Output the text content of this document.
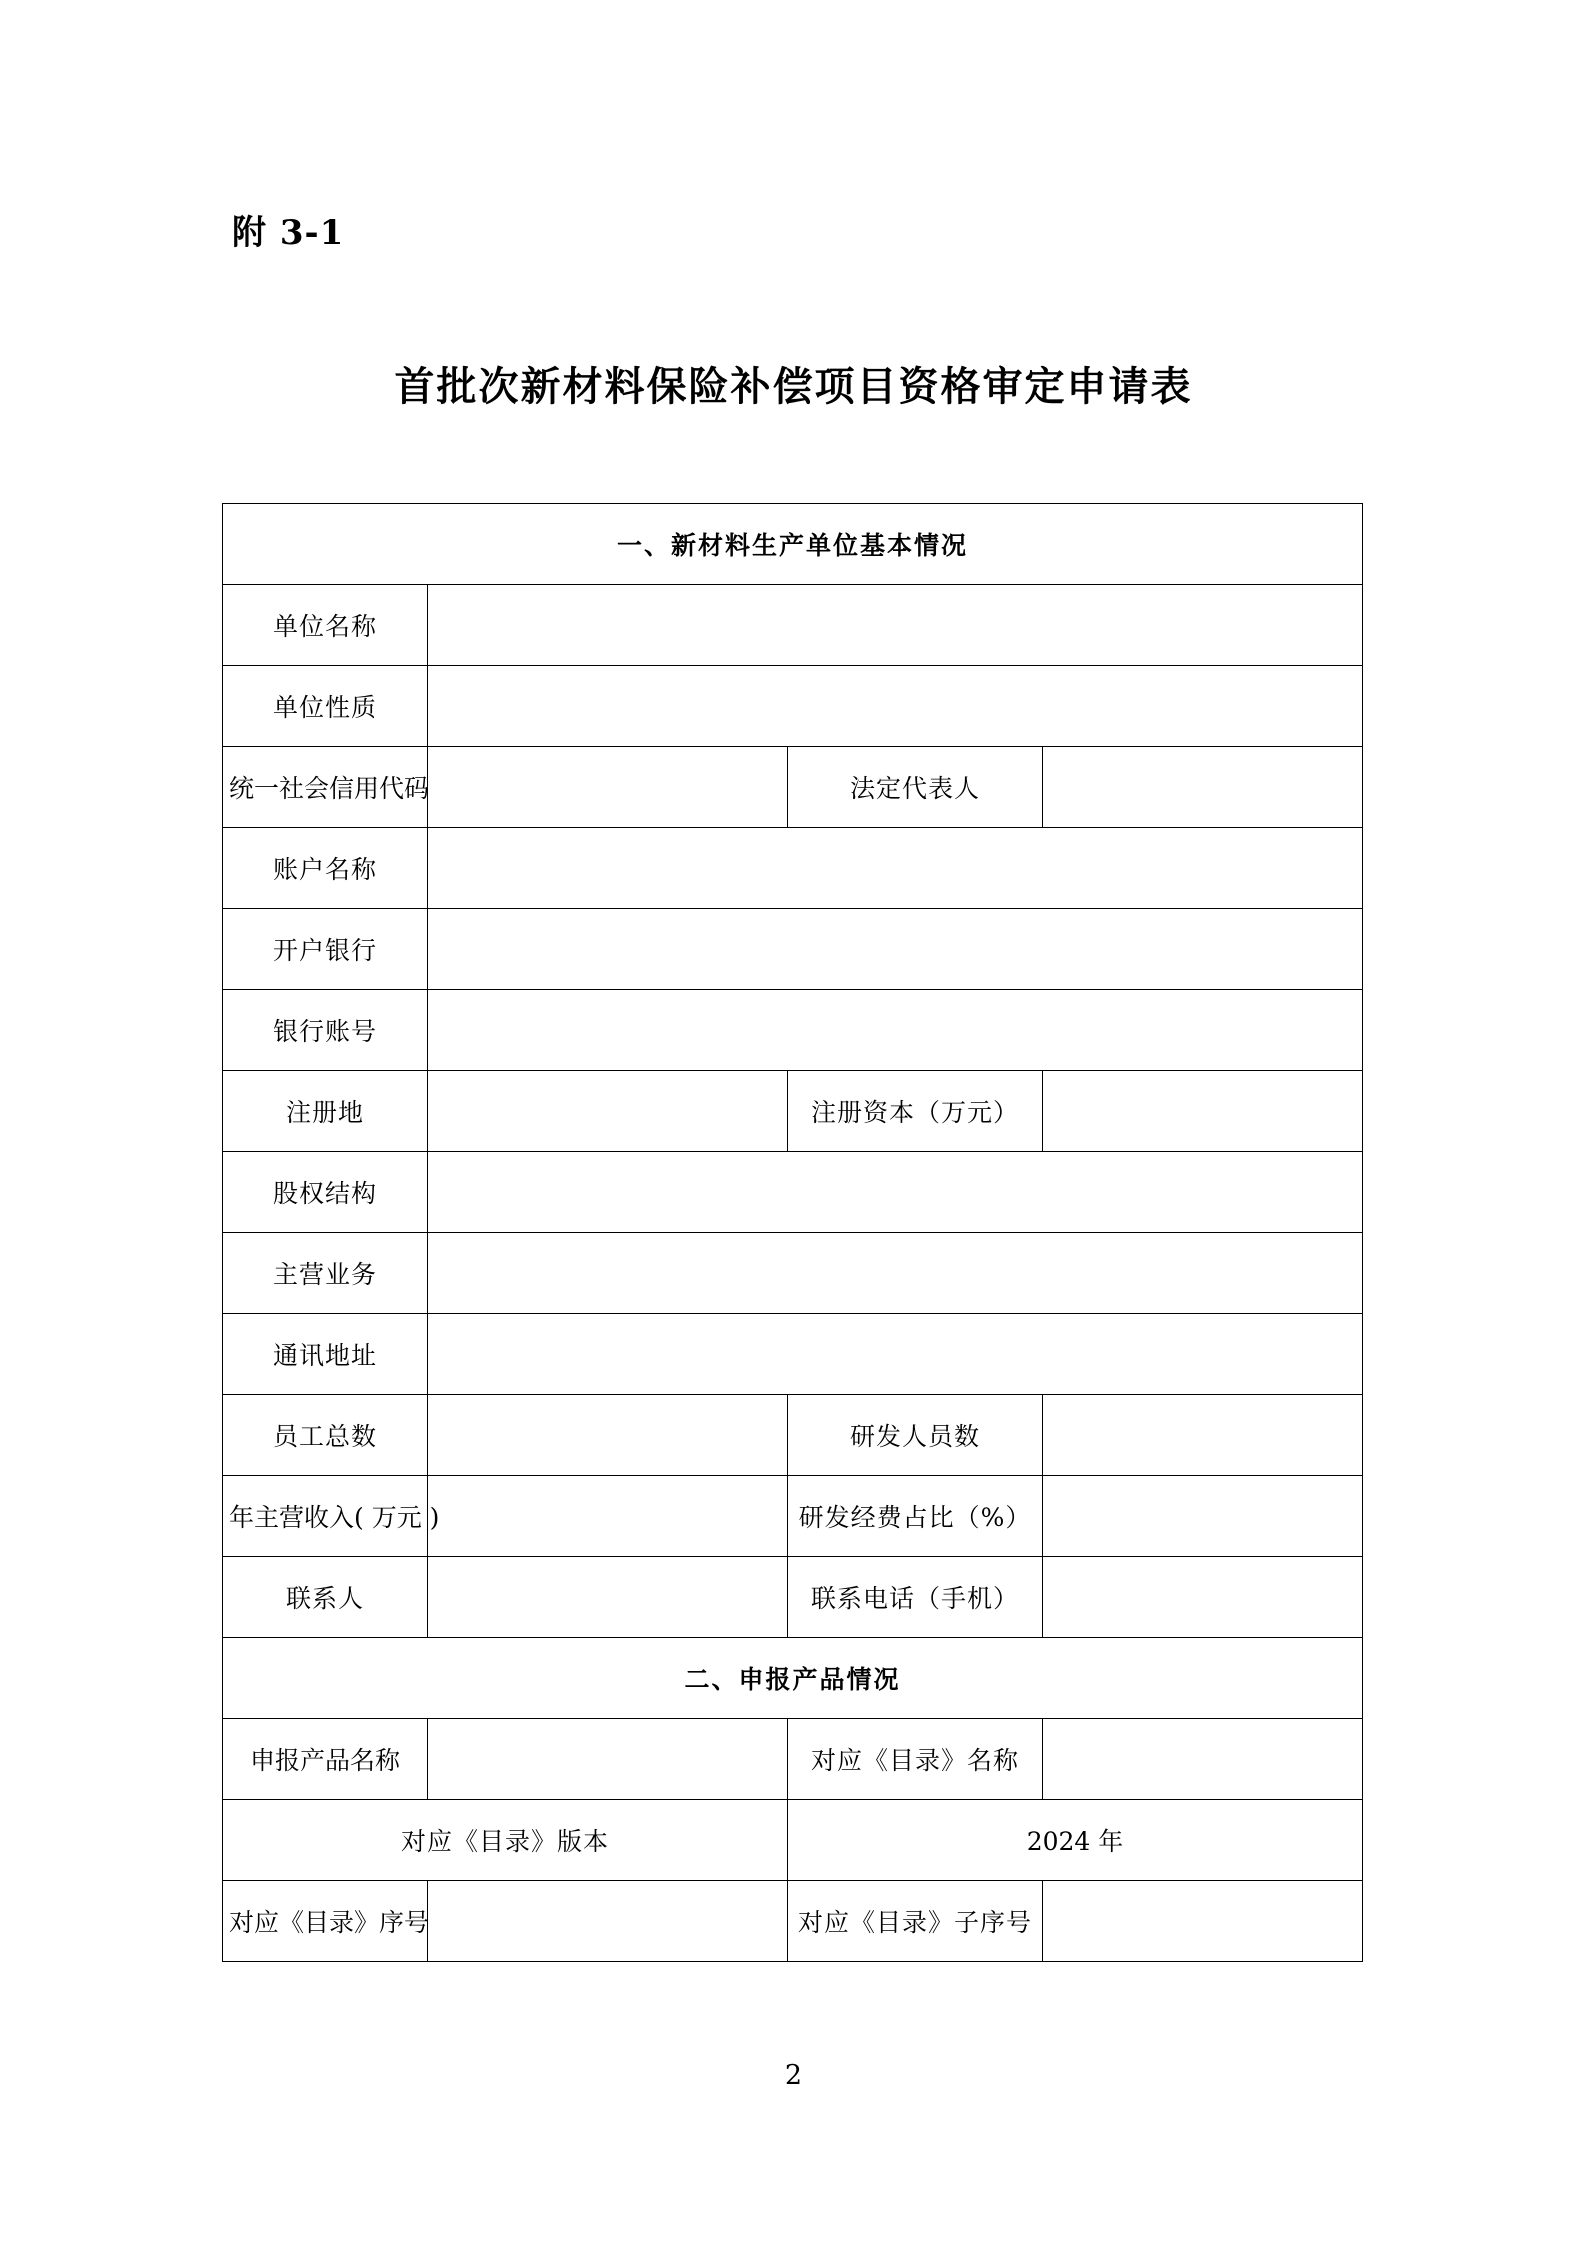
附 3-1
首批次新材料保险补偿项目资格审定申请表
一、新材料生产单位基本情况			
单位名称			
单位性质			
统一社会信用代码		法定代表人	
账户名称			
开户银行			
银行账号			
注册地		注册资本（万元）	
股权结构			
主营业务			
通讯地址			
员工总数		研发人员数	
年主营收入( 万元 )		研发经费占比（%）	
联系人		联系电话（手机）	
二、申报产品情况			
申报产品名称		对应《目录》名称	
对应《目录》版本		2024 年	
对应《目录》序号		对应《目录》子序号	
2
